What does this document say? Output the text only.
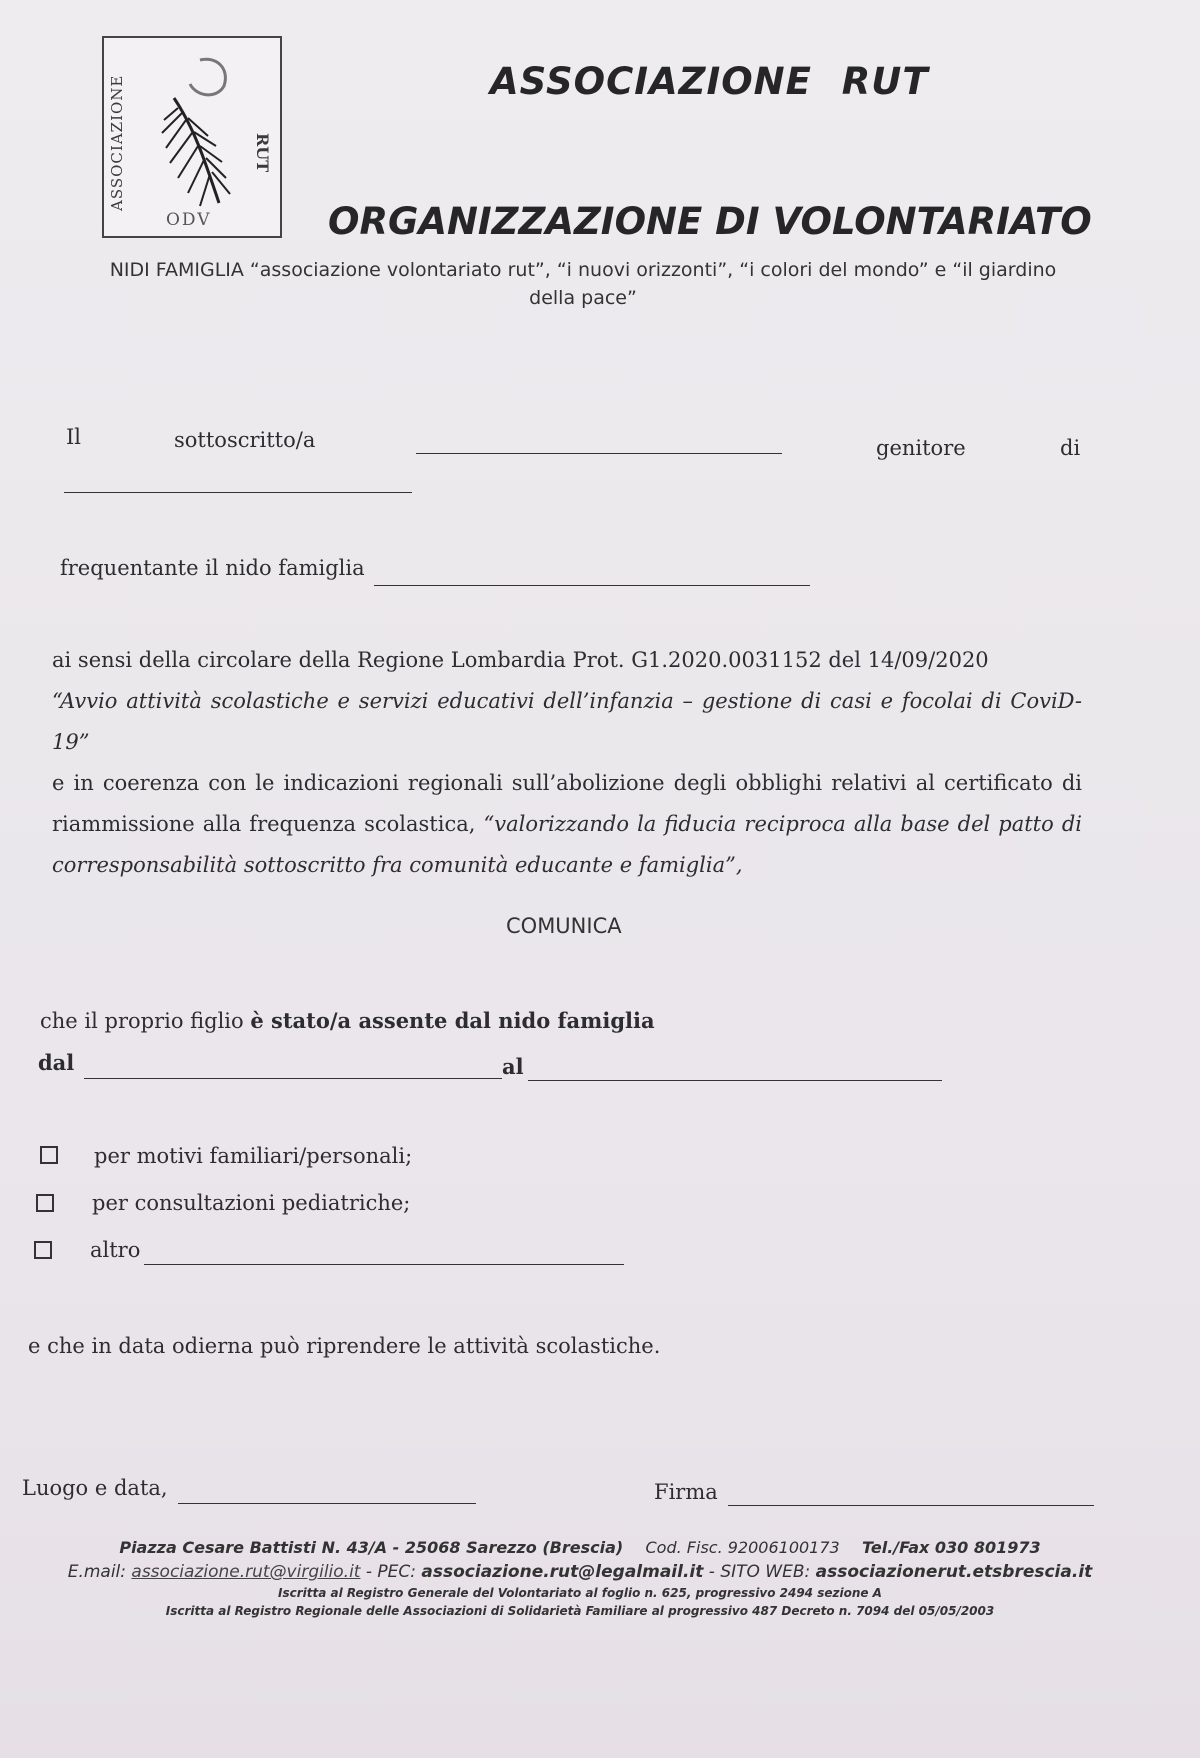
ASSOCIAZIONE	RUT
ODV
ASSOCIAZIONE RUT
ORGANIZZAZIONE DI VOLONTARIATO
NIDI FAMIGLIA “associazione volontariato rut”, “i nuovi orizzonti”, “i colori del mondo” e “il giardino della pace”
Il	sottoscritto/a	genitore	di
frequentante il nido famiglia
ai sensi della circolare della Regione Lombardia Prot. G1.2020.0031152 del 14/09/2020
“Avvio attività scolastiche e servizi educativi dell’infanzia – gestione di casi e focolai di CoviD-19”
e in coerenza con le indicazioni regionali sull’abolizione degli obblighi relativi al certificato di riammissione alla frequenza scolastica, “valorizzando la fiducia reciproca alla base del patto di corresponsabilità sottoscritto fra comunità educante e famiglia”,
COMUNICA
che il proprio figlio è stato/a assente dal nido famiglia
dal	al
per motivi familiari/personali;
per consultazioni pediatriche;
altro
e che in data odierna può riprendere le attività scolastiche.
Luogo e data,	Firma
Piazza Cesare Battisti N. 43/A - 25068 Sarezzo (Brescia) Cod. Fisc. 92006100173 Tel./Fax 030 801973
E.mail: associazione.rut@virgilio.it - PEC: associazione.rut@legalmail.it - SITO WEB: associazionerut.etsbrescia.it
Iscritta al Registro Generale del Volontariato al foglio n. 625, progressivo 2494 sezione A
Iscritta al Registro Regionale delle Associazioni di Solidarietà Familiare al progressivo 487 Decreto n. 7094 del 05/05/2003
